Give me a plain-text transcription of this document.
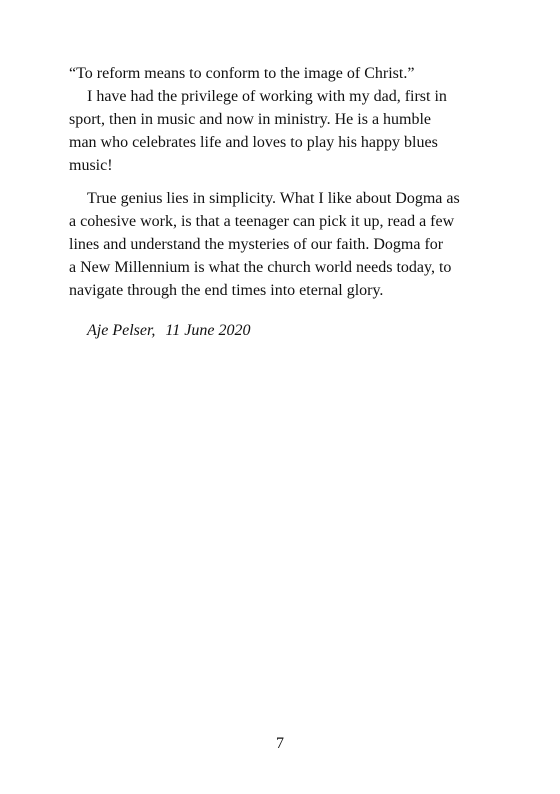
“To reform means to conform to the image of Christ.”
I have had the privilege of working with my dad, first in
sport, then in music and now in ministry. He is a humble
man who celebrates life and loves to play his happy blues
music!
True genius lies in simplicity. What I like about Dogma as
a cohesive work, is that a teenager can pick it up, read a few
lines and understand the mysteries of our faith. Dogma for
a New Millennium is what the church world needs today, to
navigate through the end times into eternal glory.
Aje Pelser, 11 June 2020
7
